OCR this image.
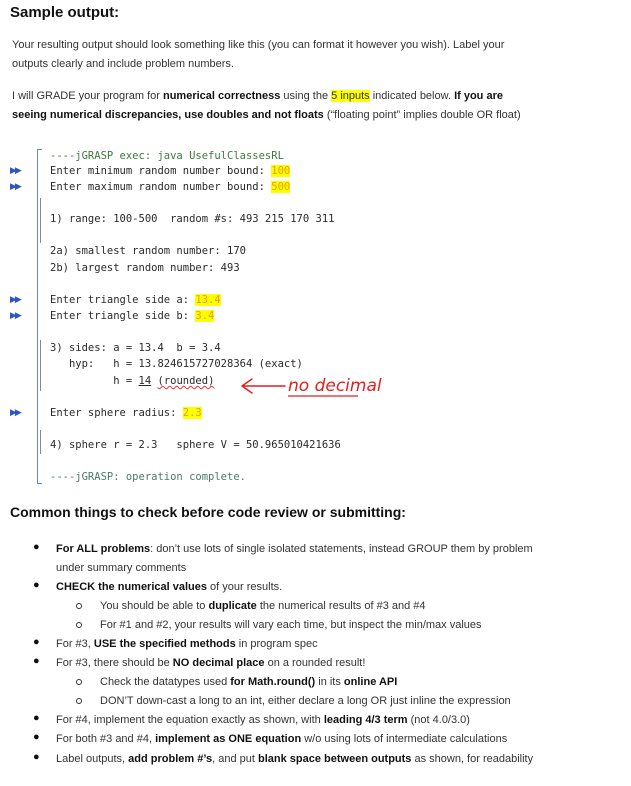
Sample output:
Your resulting output should look something like this (you can format it however you wish). Label your
outputs clearly and include problem numbers.
I will GRADE your program for numerical correctness using the 5 inputs indicated below. If you are
seeing numerical discrepancies, use doubles and not floats (“floating point” implies double OR float)
▶▶
▶▶
▶▶
▶▶
▶▶
----jGRASP exec: java UsefulClassesRL
Enter minimum random number bound: 100
Enter maximum random number bound: 500
1) range: 100-500  random #s: 493 215 170 311
2a) smallest random number: 170
2b) largest random number: 493
Enter triangle side a: 13.4
Enter triangle side b: 3.4
3) sides: a = 13.4  b = 3.4
hyp:   h = 13.824615727028364 (exact)
h = 14 (rounded)	no decimal
Enter sphere radius: 2.3
4) sphere r = 2.3   sphere V = 50.965010421636
----jGRASP: operation complete.
Common things to check before code review or submitting:
● For ALL problems: don’t use lots of single isolated statements, instead GROUP them by problem
under summary comments
● CHECK the numerical values of your results.
You should be able to duplicate the numerical results of #3 and #4
For #1 and #2, your results will vary each time, but inspect the min/max values
● For #3, USE the specified methods in program spec
● For #3, there should be NO decimal place on a rounded result!
Check the datatypes used for Math.round() in its online API
DON’T down-cast a long to an int, either declare a long OR just inline the expression
● For #4, implement the equation exactly as shown, with leading 4/3 term (not 4.0/3.0)
● For both #3 and #4, implement as ONE equation w/o using lots of intermediate calculations
● Label outputs, add problem #’s, and put blank space between outputs as shown, for readability
